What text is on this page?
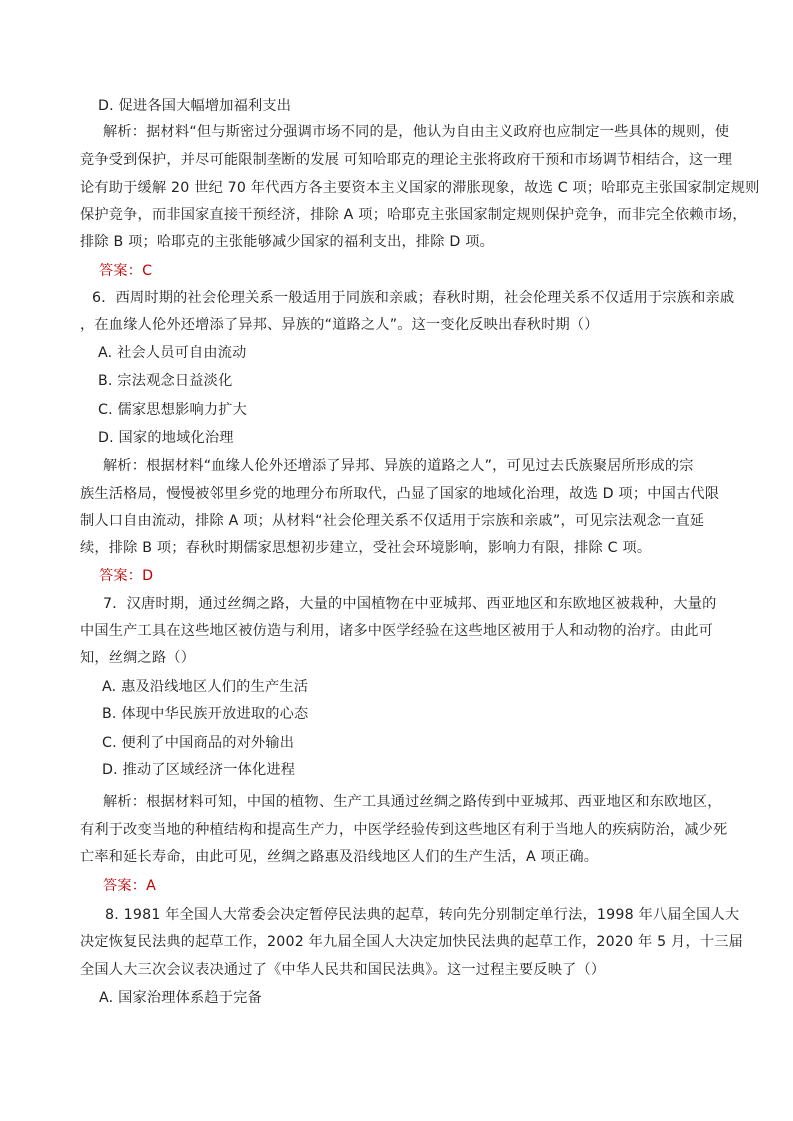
D. 促进各国大幅增加福利支出
解析：据材料“但与斯密过分强调市场不同的是，他认为自由主义政府也应制定一些具体的规则，使
竞争受到保护，并尽可能限制垄断的发展 可知哈耶克的理论主张将政府干预和市场调节相结合，这一理
论有助于缓解 20 世纪 70 年代西方各主要资本主义国家的滞胀现象，故选 C 项；哈耶克主张国家制定规则
保护竞争，而非国家直接干预经济，排除 A 项；哈耶克主张国家制定规则保护竞争，而非完全依赖市场，
排除 B 项；哈耶克的主张能够减少国家的福利支出，排除 D 项。
答案：C
6．西周时期的社会伦理关系一般适用于同族和亲戚；春秋时期，社会伦理关系不仅适用于宗族和亲戚
，在血缘人伦外还增添了异邦、异族的“道路之人”。这一变化反映出春秋时期（）
A. 社会人员可自由流动
B. 宗法观念日益淡化
C. 儒家思想影响力扩大
D. 国家的地域化治理
解析：根据材料“血缘人伦外还增添了异邦、异族的道路之人”，可见过去氏族聚居所形成的宗
族生活格局，慢慢被邻里乡党的地理分布所取代，凸显了国家的地域化治理，故选 D 项；中国古代限
制人口自由流动，排除 A 项；从材料“社会伦理关系不仅适用于宗族和亲戚”，可见宗法观念一直延
续，排除 B 项；春秋时期儒家思想初步建立，受社会环境影响，影响力有限，排除 C 项。
答案：D
7．汉唐时期，通过丝绸之路，大量的中国植物在中亚城邦、西亚地区和东欧地区被栽种，大量的
中国生产工具在这些地区被仿造与利用，诸多中医学经验在这些地区被用于人和动物的治疗。由此可
知，丝绸之路（）
A. 惠及沿线地区人们的生产生活
B. 体现中华民族开放进取的心态
C. 便利了中国商品的对外输出
D. 推动了区域经济一体化进程
解析：根据材料可知，中国的植物、生产工具通过丝绸之路传到中亚城邦、西亚地区和东欧地区，
有利于改变当地的种植结构和提高生产力，中医学经验传到这些地区有利于当地人的疾病防治，减少死
亡率和延长寿命，由此可见，丝绸之路惠及沿线地区人们的生产生活，A 项正确。
答案：A
8. 1981 年全国人大常委会决定暂停民法典的起草，转向先分别制定单行法，1998 年八届全国人大
决定恢复民法典的起草工作，2002 年九届全国人大决定加快民法典的起草工作，2020 年 5 月，十三届
全国人大三次会议表决通过了《中华人民共和国民法典》。这一过程主要反映了（）
A. 国家治理体系趋于完备
